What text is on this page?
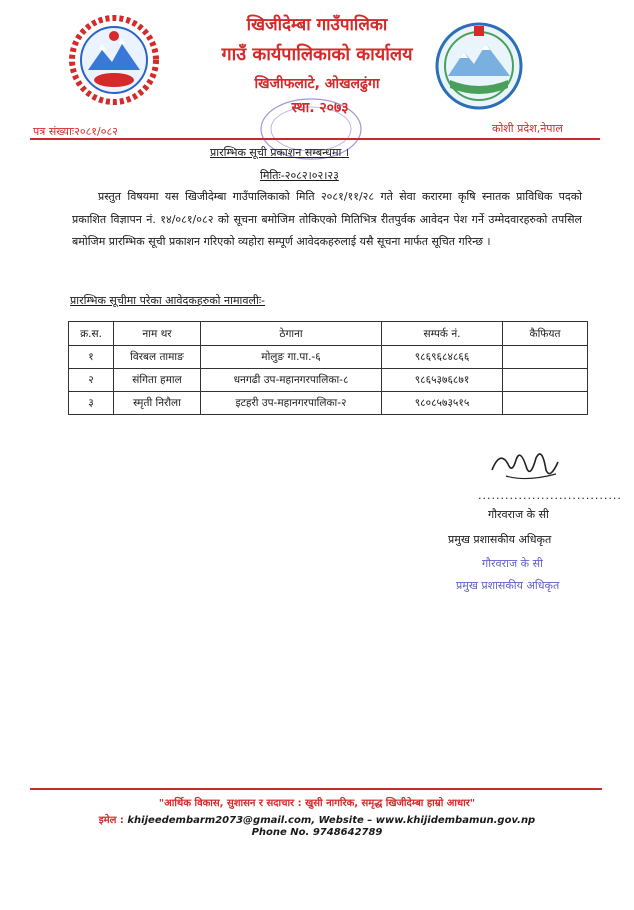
खिजीदेम्बा गाउँपालिका
गाउँ कार्यपालिकाको कार्यालय
खिजीफलाटे, ओखलढुंगा
स्था. २०७३
पत्र संख्याः२०८१/०८२	कोशी प्रदेश,नेपाल
प्रारम्भिक सूची प्रकाशन सम्बन्धमा ।
मितिः-२०८२।०२।२३
प्रस्तुत विषयमा यस खिजीदेम्बा गाउँपालिकाको मिति २०८१/११/२८ गते सेवा करारमा कृषि स्नातक प्राविधिक पदको प्रकाशित विज्ञापन नं. १४/०८१/०८२ को सूचना बमोजिम तोकिएको मितिभित्र रीतपुर्वक आवेदन पेश गर्ने उम्मेदवारहरुको तपसिल बमोजिम प्रारम्भिक सूची प्रकाशन गरिएको व्यहोरा सम्पूर्ण आवेदकहरुलाई यसै सूचना मार्फत सूचित गरिन्छ ।
प्रारम्भिक सूचीमा परेका आवेदकहरुको नामावलीः-
क्र.स.	नाम थर	ठेगाना	सम्पर्क नं.	कैफियत
१	विरबल तामाङ	मोलुङ गा.पा.-६	९८६९६८४८६६	
२	संगिता हमाल	धनगढी उप-महानगरपालिका-८	९८६५३७६८७१	
३	स्मृती निरौला	इटहरी उप-महानगरपालिका-२	९८०८५७३५१५	
................................
गौरवराज के सी
प्रमुख प्रशासकीय अधिकृत
गौरवराज के सी
प्रमुख प्रशासकीय अधिकृत
"आर्थिक विकास, सुशासन र सदाचार : खुसी नागरिक, समृद्ध खिजीदेम्बा हाम्रो आधार"
इमेल : khijeedembarm2073@gmail.com, Website – www.khijidembamun.gov.np
Phone No. 9748642789
